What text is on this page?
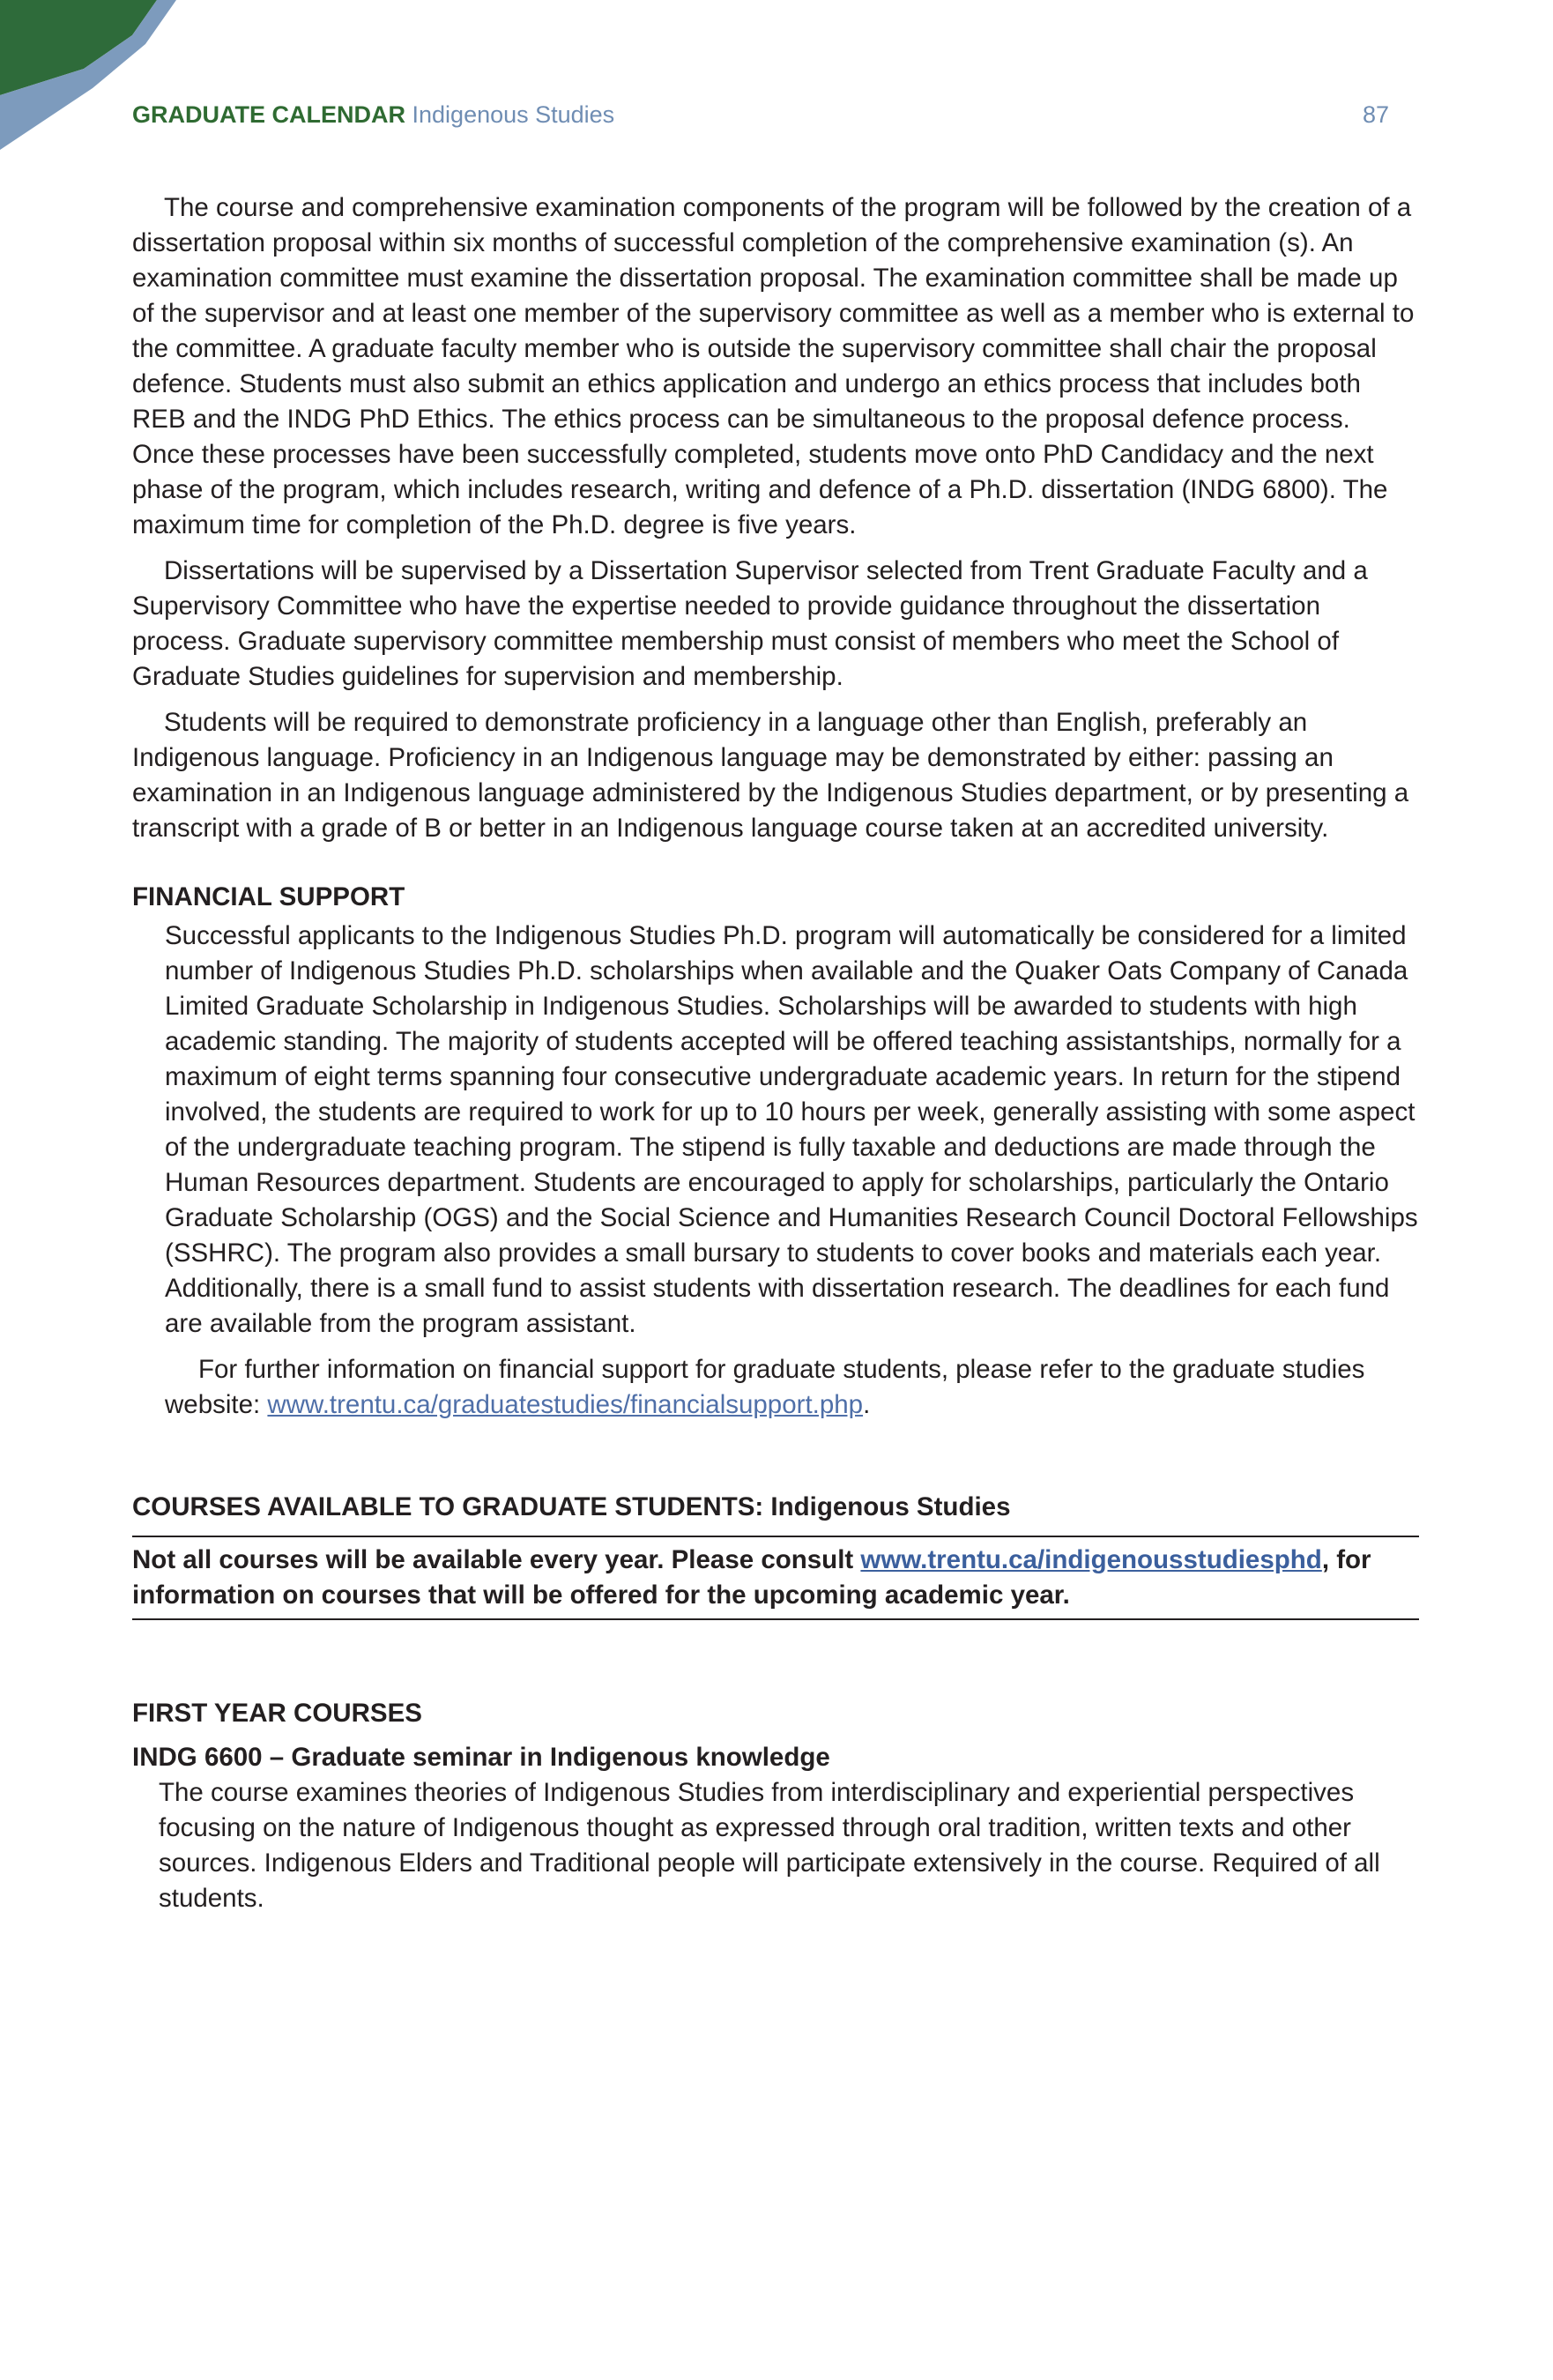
GRADUATE CALENDAR Indigenous Studies	87

The course and comprehensive examination components of the program will be followed by the creation of a dissertation proposal within six months of successful completion of the comprehensive examination (s). An examination committee must examine the dissertation proposal. The examination committee shall be made up of the supervisor and at least one member of the supervisory committee as well as a member who is external to the committee. A graduate faculty member who is outside the supervisory committee shall chair the proposal defence. Students must also submit an ethics application and undergo an ethics process that includes both REB and the INDG PhD Ethics. The ethics process can be simultaneous to the proposal defence process. Once these processes have been successfully completed, students move onto PhD Candidacy and the next phase of the program, which includes research, writing and defence of a Ph.D. dissertation (INDG 6800). The maximum time for completion of the Ph.D. degree is five years.

Dissertations will be supervised by a Dissertation Supervisor selected from Trent Graduate Faculty and a Supervisory Committee who have the expertise needed to provide guidance throughout the dissertation process. Graduate supervisory committee membership must consist of members who meet the School of Graduate Studies guidelines for supervision and membership.

Students will be required to demonstrate proficiency in a language other than English, preferably an Indigenous language. Proficiency in an Indigenous language may be demonstrated by either: passing an examination in an Indigenous language administered by the Indigenous Studies department, or by presenting a transcript with a grade of B or better in an Indigenous language course taken at an accredited university.

FINANCIAL SUPPORT

Successful applicants to the Indigenous Studies Ph.D. program will automatically be considered for a limited number of Indigenous Studies Ph.D. scholarships when available and the Quaker Oats Company of Canada Limited Graduate Scholarship in Indigenous Studies. Scholarships will be awarded to students with high academic standing. The majority of students accepted will be offered teaching assistantships, normally for a maximum of eight terms spanning four consecutive undergraduate academic years. In return for the stipend involved, the students are required to work for up to 10 hours per week, generally assisting with some aspect of the undergraduate teaching program. The stipend is fully taxable and deductions are made through the Human Resources department. Students are encouraged to apply for scholarships, particularly the Ontario Graduate Scholarship (OGS) and the Social Science and Humanities Research Council Doctoral Fellowships (SSHRC). The program also provides a small bursary to students to cover books and materials each year. Additionally, there is a small fund to assist students with dissertation research. The deadlines for each fund are available from the program assistant.

For further information on financial support for graduate students, please refer to the graduate studies website: www.trentu.ca/graduatestudies/financialsupport.php.

COURSES AVAILABLE TO GRADUATE STUDENTS: Indigenous Studies
Not all courses will be available every year. Please consult www.trentu.ca/indigenousstudiesphd, for information on courses that will be offered for the upcoming academic year.
FIRST YEAR COURSES

INDG 6600 – Graduate seminar in Indigenous knowledge

The course examines theories of Indigenous Studies from interdisciplinary and experiential perspectives focusing on the nature of Indigenous thought as expressed through oral tradition, written texts and other sources. Indigenous Elders and Traditional people will participate extensively in the course. Required of all students.
